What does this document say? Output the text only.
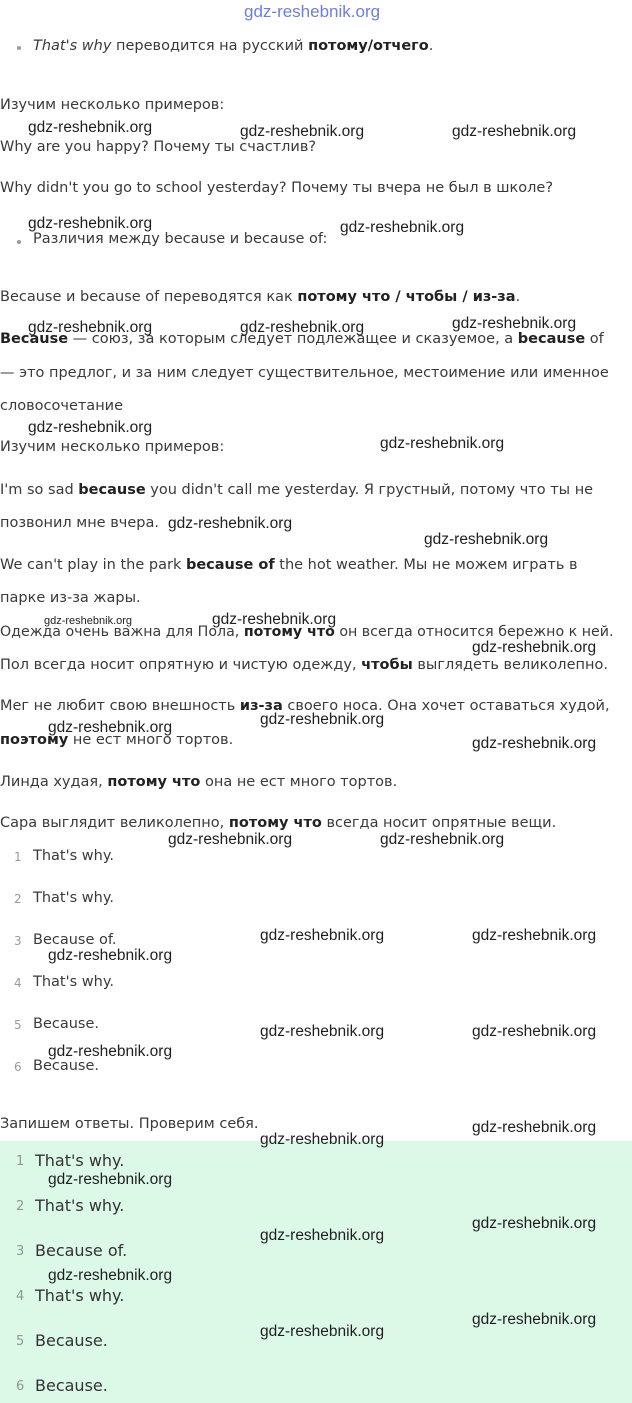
gdz-reshebnik.org
That's why переводится на русский потому/отчего.
Изучим несколько примеров:
Why are you happy? Почему ты счастлив?
Why didn't you go to school yesterday? Почему ты вчера не был в школе?
Различия между because и because of:
Because и because of переводятся как потому что / чтобы / из-за.
Because — союз, за которым следует подлежащее и сказуемое, а because of
— это предлог, и за ним следует существительное, местоимение или именное
словосочетание
Изучим несколько примеров:
I'm so sad because you didn't call me yesterday. Я грустный, потому что ты не
позвонил мне вчера.
We can't play in the park because of the hot weather. Мы не можем играть в
парке из-за жары.
Одежда очень важна для Пола, потому что он всегда относится бережно к ней.
Пол всегда носит опрятную и чистую одежду, чтобы выглядеть великолепно.
Мег не любит свою внешность из-за своего носа. Она хочет оставаться худой,
поэтому не ест много тортов.
Линда худая, потому что она не ест много тортов.
Сара выглядит великолепно, потому что всегда носит опрятные вещи.
1 That's why.
2 That's why.
3 Because of.
4 That's why.
5 Because.
6 Because.
Запишем ответы. Проверим себя.
1 That's why.
2 That's why.
3 Because of.
4 That's why.
5 Because.
6 Because.
gdz-reshebnik.org	gdz-reshebnik.org	gdz-reshebnik.org
gdz-reshebnik.org	gdz-reshebnik.org
gdz-reshebnik.org	gdz-reshebnik.org	gdz-reshebnik.org
gdz-reshebnik.org
gdz-reshebnik.org
gdz-reshebnik.org
gdz-reshebnik.org
gdz-reshebnik.org	gdz-reshebnik.org
gdz-reshebnik.org
gdz-reshebnik.org
gdz-reshebnik.org
gdz-reshebnik.org
gdz-reshebnik.org	gdz-reshebnik.org
gdz-reshebnik.org	gdz-reshebnik.org
gdz-reshebnik.org
gdz-reshebnik.org	gdz-reshebnik.org
gdz-reshebnik.org
gdz-reshebnik.org
gdz-reshebnik.org
gdz-reshebnik.org
gdz-reshebnik.org
gdz-reshebnik.org
gdz-reshebnik.org
gdz-reshebnik.org
gdz-reshebnik.org
